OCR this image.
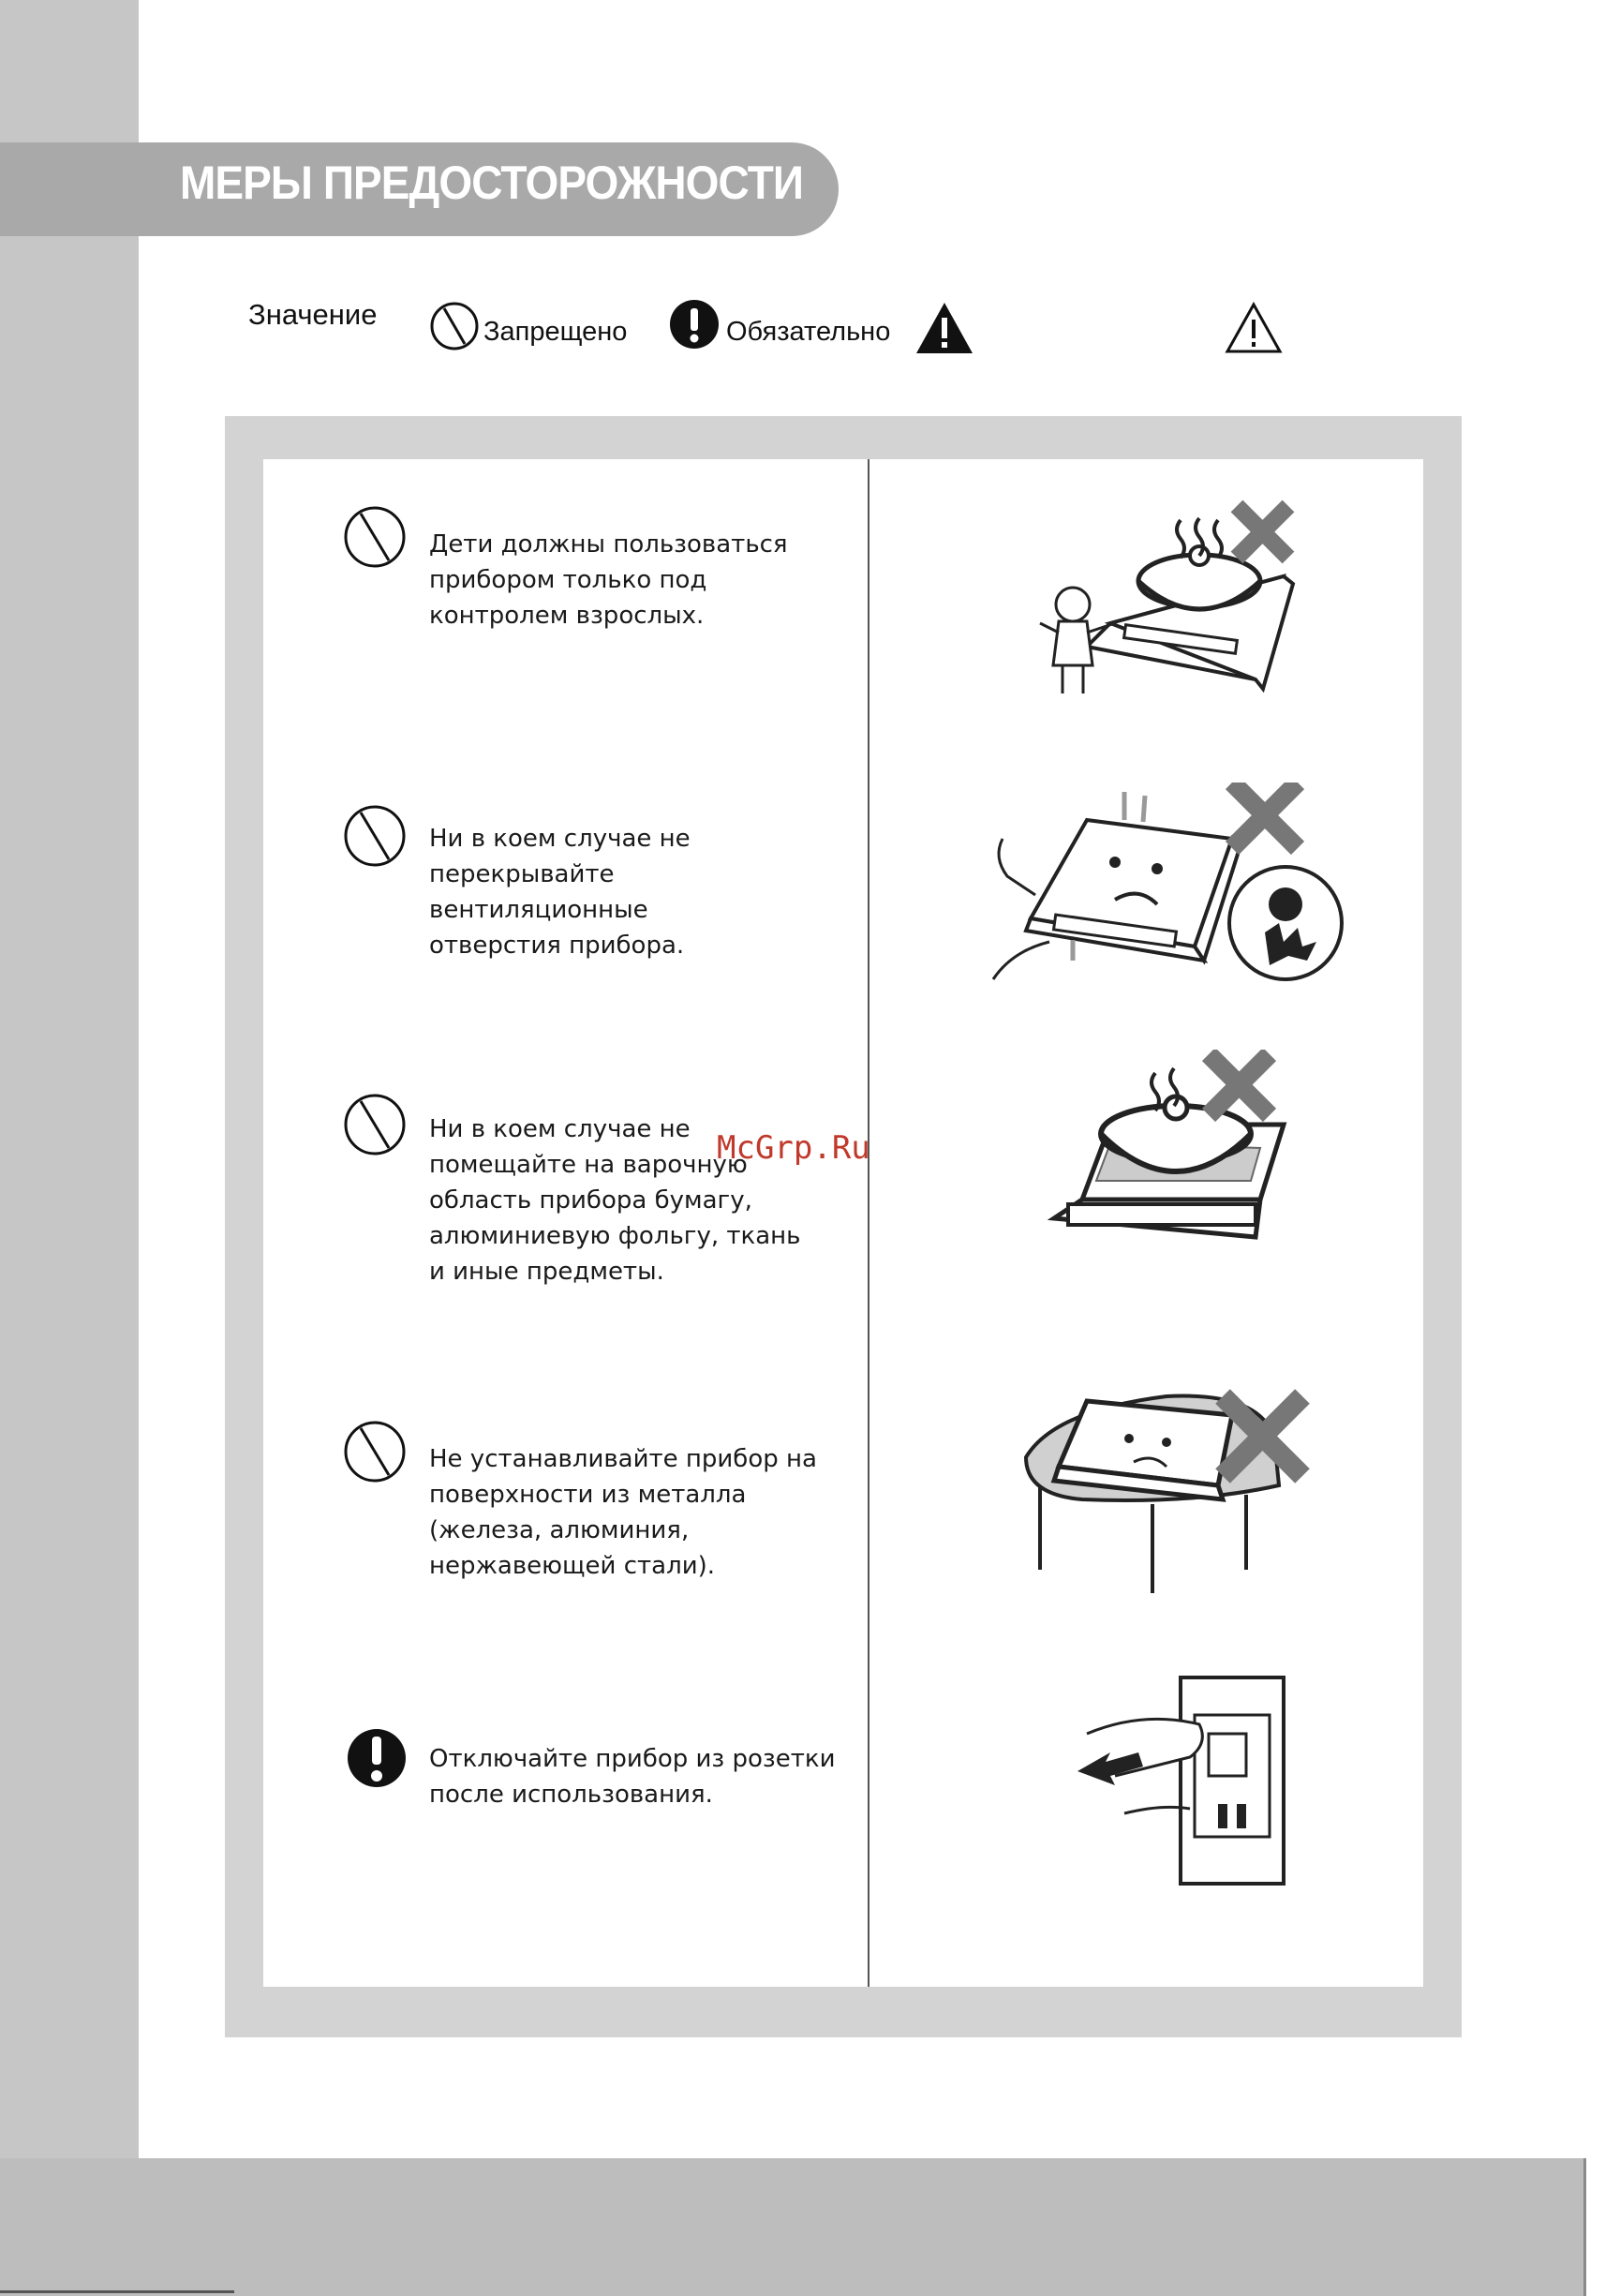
МЕРЫ ПРЕДОСТОРОЖНОСТИ
Значение
Запрещено	Обязательно
Дети должны пользоваться прибором только под контролем взрослых.
Ни в коем случае не перекрывайте вентиляционные отверстия прибора.
Ни в коем случае не помещайте на варочную область прибора бумагу, алюминиевую фольгу, ткань и иные предметы.
Не устанавливайте прибор на поверхности из металла (железа, алюминия, нержавеющей стали).
Отключайте прибор из розетки после использования.
McGrp.Ru
